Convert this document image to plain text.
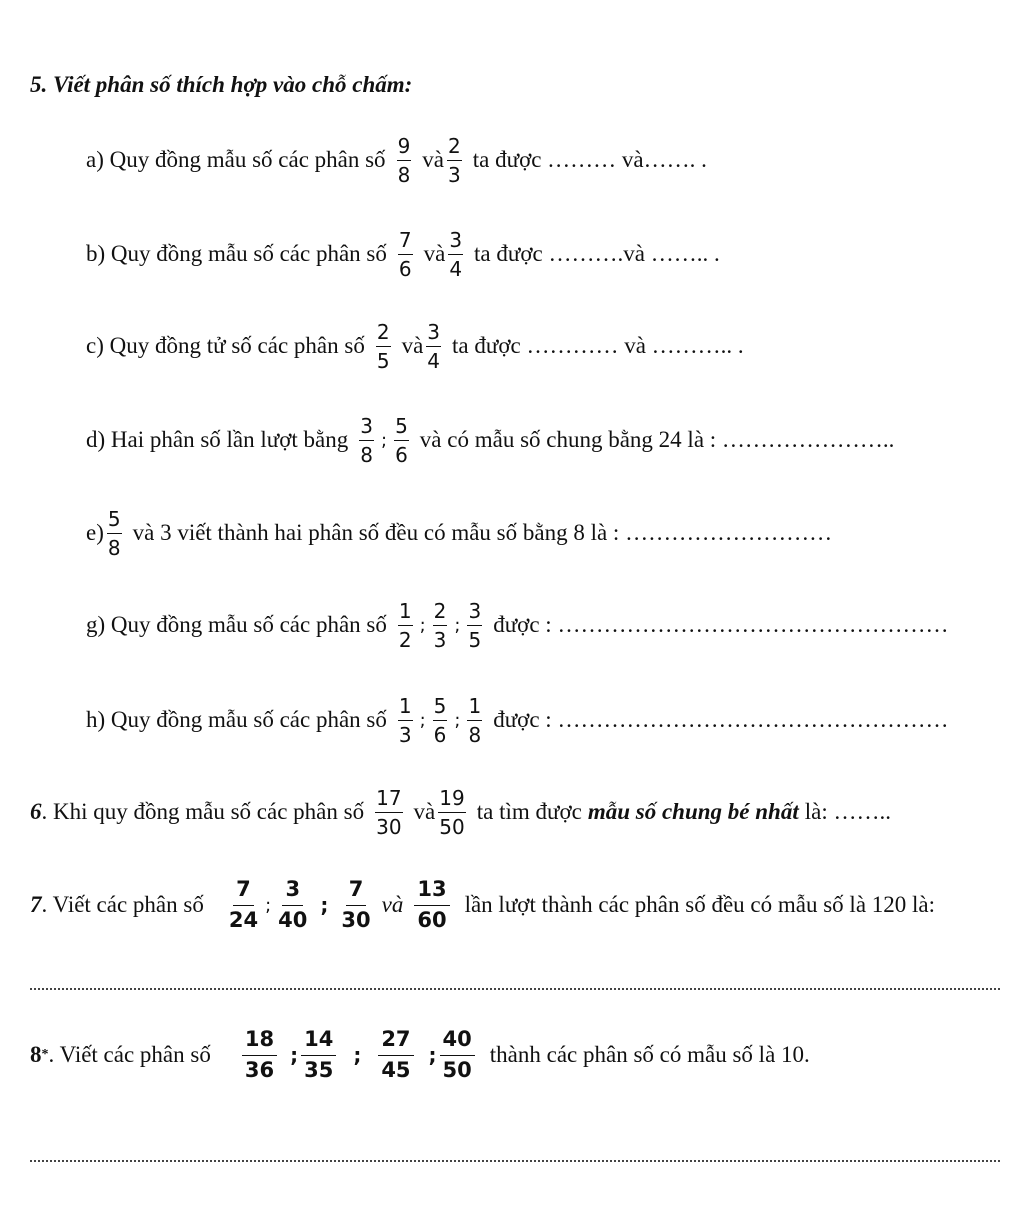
5. Viết phân số thích hợp vào chỗ chấm:
a) Quy đồng mẫu số các phân số $\frac{9}{8}$ và $\frac{2}{3}$ ta được ……… và……. .
b) Quy đồng mẫu số các phân số $\frac{7}{6}$ và $\frac{3}{4}$ ta được ……….và …….. .
c) Quy đồng tử số các phân số $\frac{2}{5}$ và $\frac{3}{4}$ ta được ………… và ……….. .
d) Hai phân số lần lượt bằng $\frac{3}{8}$ ; $\frac{5}{6}$ và có mẫu số chung bằng 24 là : …………………..
$e) \frac{5}{8}$ và 3 viết thành hai phân số đều có mẫu số bằng 8 là : ………………………
g) Quy đồng mẫu số các phân số $\frac{1}{2}$ ; $\frac{2}{3}$ ; $\frac{3}{5}$ được : ……………………………………………
h) Quy đồng mẫu số các phân số $\frac{1}{3}$ ; $\frac{5}{6}$ ; $\frac{1}{8}$ được : ……………………………………………
6 . Khi quy đồng mẫu số các phân số $\frac{17}{30}$ và $\frac{19}{50}$ ta tìm được mẫu số chung bé nhất là: ……..
7 . Viết các phân số $\frac{7}{24}$ ; $\frac{3}{40}$ ; $\frac{7}{30}$ và $\frac{13}{60}$ lần lượt thành các phân số đều có mẫu số là 120 là:
8 * . Viết các phân số $\frac{18}{36}$ ; $\frac{14}{35}$ ; $\frac{27}{45}$ ; $\frac{40}{50}$ thành các phân số có mẫu số là 10.
